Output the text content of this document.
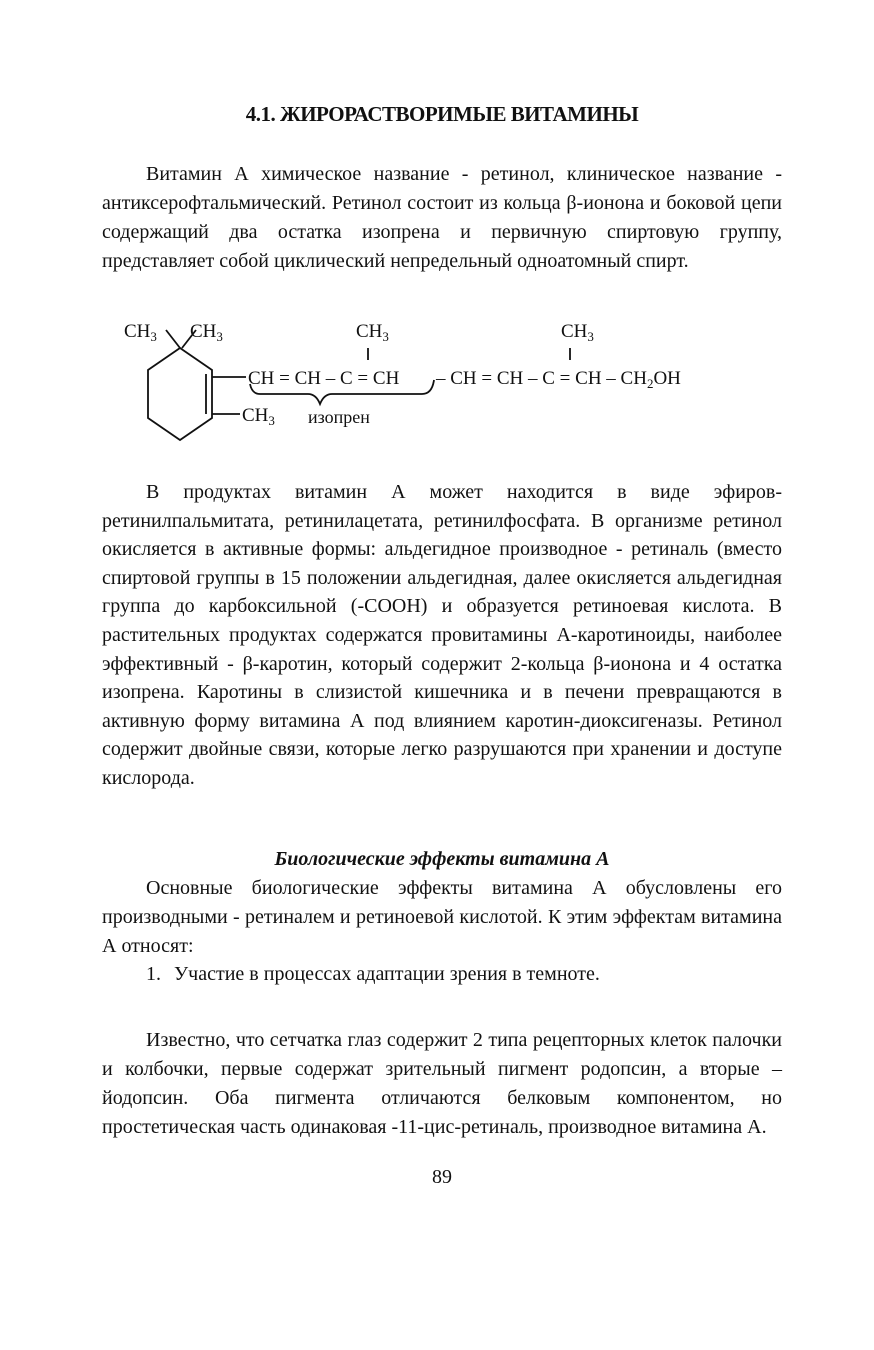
4.1. ЖИРОРАСТВОРИМЫЕ ВИТАМИНЫ

Витамин А химическое название - ретинол, клиническое название - антиксерофтальмический. Ретинол состоит из кольца β-ионона и боковой цепи содержащий два остатка изопрена и первичную спиртовую группу, представляет собой циклический непредельный одноатомный спирт.

В продуктах витамин А может находится в виде эфиров-ретинилпальмитата, ретинилацетата, ретинилфосфата. В организме ретинол окисляется в активные формы: альдегидное производное - ретиналь (вместо спиртовой группы в 15 положении альдегидная, далее окисляется альдегидная группа до карбоксильной (-СООН) и образуется ретиноевая кислота. В растительных продуктах содержатся провитамины А-каротиноиды, наиболее эффективный - β-каротин, который содержит 2-кольца β-ионона и 4 остатка изопрена. Каротины в слизистой кишечника и в печени превращаются в активную форму витамина А под влиянием каротин-диоксигеназы. Ретинол содержит двойные связи, которые легко разрушаются при хранении и доступе кислорода.

Биологические эффекты витамина А

Основные биологические эффекты витамина А обусловлены его производными - ретиналем и ретиноевой кислотой. К этим эффектам витамина А относят:

1. Участие в процессах адаптации зрения в темноте.

Известно, что сетчатка глаз содержит 2 типа рецепторных клеток палочки и колбочки, первые содержат зрительный пигмент родопсин, а вторые – йодопсин. Оба пигмента отличаются белковым компонентом, но простетическая часть одинаковая -11-цис-ретиналь, производное витамина А.

89

$CH_3$ $CH_3$
CH = CH – C = CH – CH = CH – C = CH – $CH_2OH$
$CH_3$	$CH_3$
$CH_3$ изопрен
